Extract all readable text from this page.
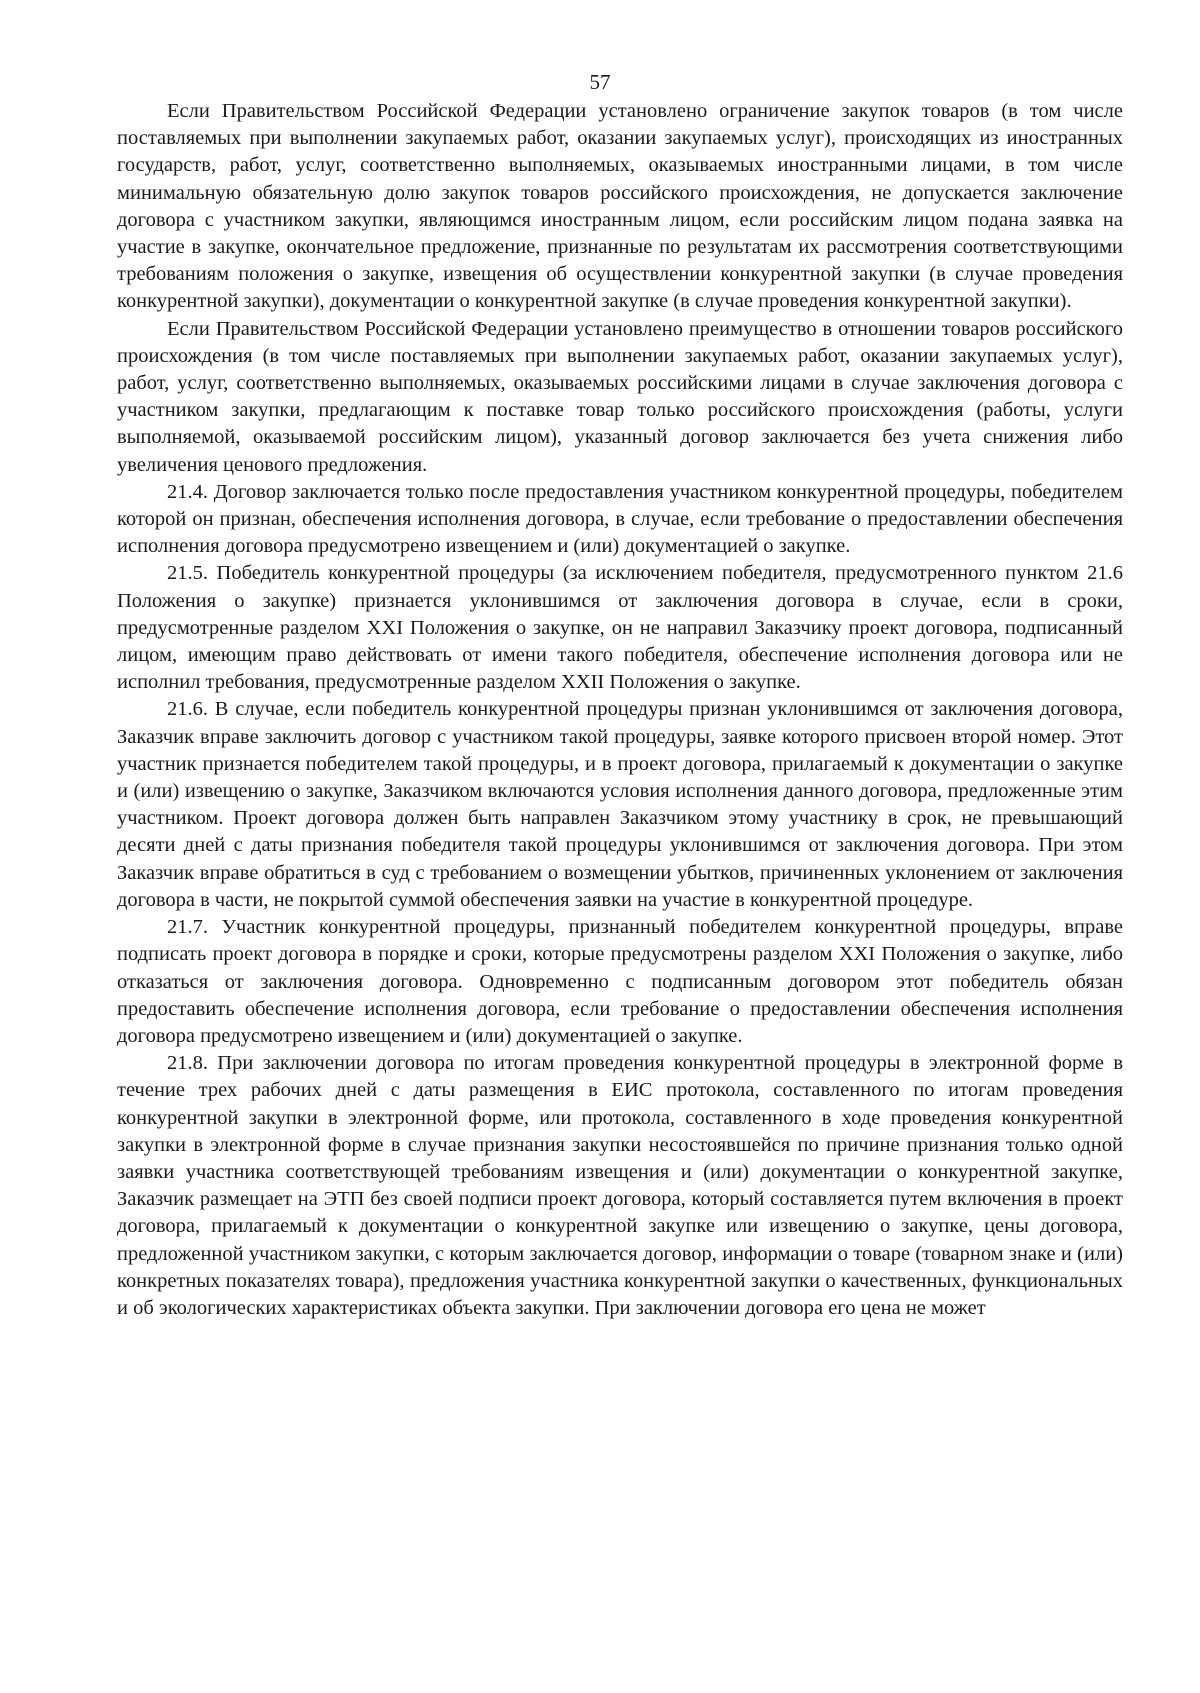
57

Если Правительством Российской Федерации установлено ограничение закупок товаров (в том числе поставляемых при выполнении закупаемых работ, оказании закупаемых услуг), происходящих из иностранных государств, работ, услуг, соответственно выполняемых, оказываемых иностранными лицами, в том числе минимальную обязательную долю закупок товаров российского происхождения, не допускается заключение договора с участником закупки, являющимся иностранным лицом, если российским лицом подана заявка на участие в закупке, окончательное предложение, признанные по результатам их рассмотрения соответствующими требованиям положения о закупке, извещения об осуществлении конкурентной закупки (в случае проведения конкурентной закупки), документации о конкурентной закупке (в случае проведения конкурентной закупки).

Если Правительством Российской Федерации установлено преимущество в отношении товаров российского происхождения (в том числе поставляемых при выполнении закупаемых работ, оказании закупаемых услуг), работ, услуг, соответственно выполняемых, оказываемых российскими лицами в случае заключения договора с участником закупки, предлагающим к поставке товар только российского происхождения (работы, услуги выполняемой, оказываемой российским лицом), указанный договор заключается без учета снижения либо увеличения ценового предложения.

21.4. Договор заключается только после предоставления участником конкурентной процедуры, победителем которой он признан, обеспечения исполнения договора, в случае, если требование о предоставлении обеспечения исполнения договора предусмотрено извещением и (или) документацией о закупке.

21.5. Победитель конкурентной процедуры (за исключением победителя, предусмотренного пунктом 21.6 Положения о закупке) признается уклонившимся от заключения договора в случае, если в сроки, предусмотренные разделом XXI Положения о закупке, он не направил Заказчику проект договора, подписанный лицом, имеющим право действовать от имени такого победителя, обеспечение исполнения договора или не исполнил требования, предусмотренные разделом XXII Положения о закупке.

21.6. В случае, если победитель конкурентной процедуры признан уклонившимся от заключения договора, Заказчик вправе заключить договор с участником такой процедуры, заявке которого присвоен второй номер. Этот участник признается победителем такой процедуры, и в проект договора, прилагаемый к документации о закупке и (или) извещению о закупке, Заказчиком включаются условия исполнения данного договора, предложенные этим участником. Проект договора должен быть направлен Заказчиком этому участнику в срок, не превышающий десяти дней с даты признания победителя такой процедуры уклонившимся от заключения договора. При этом Заказчик вправе обратиться в суд с требованием о возмещении убытков, причиненных уклонением от заключения договора в части, не покрытой суммой обеспечения заявки на участие в конкурентной процедуре.

21.7. Участник конкурентной процедуры, признанный победителем конкурентной процедуры, вправе подписать проект договора в порядке и сроки, которые предусмотрены разделом XXI Положения о закупке, либо отказаться от заключения договора. Одновременно с подписанным договором этот победитель обязан предоставить обеспечение исполнения договора, если требование о предоставлении обеспечения исполнения договора предусмотрено извещением и (или) документацией о закупке.

21.8. При заключении договора по итогам проведения конкурентной процедуры в электронной форме в течение трех рабочих дней с даты размещения в ЕИС протокола, составленного по итогам проведения конкурентной закупки в электронной форме, или протокола, составленного в ходе проведения конкурентной закупки в электронной форме в случае признания закупки несостоявшейся по причине признания только одной заявки участника соответствующей требованиям извещения и (или) документации о конкурентной закупке, Заказчик размещает на ЭТП без своей подписи проект договора, который составляется путем включения в проект договора, прилагаемый к документации о конкурентной закупке или извещению о закупке, цены договора, предложенной участником закупки, с которым заключается договор, информации о товаре (товарном знаке и (или) конкретных показателях товара), предложения участника конкурентной закупки о качественных, функциональных и об экологических характеристиках объекта закупки. При заключении договора его цена не может
